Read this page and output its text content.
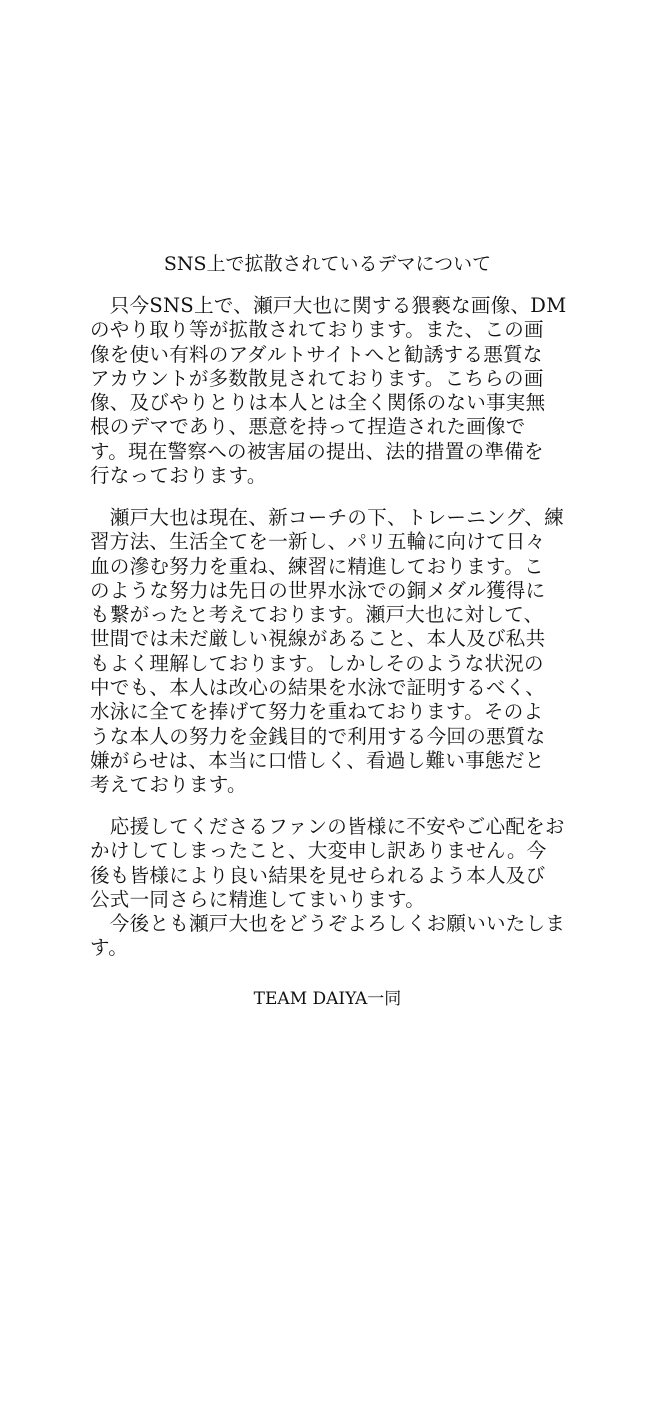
SNS上で拡散されているデマについて
　只今SNS上で、瀬戸大也に関する猥褻な画像、DM
のやり取り等が拡散されております。また、この画
像を使い有料のアダルトサイトへと勧誘する悪質な
アカウントが多数散見されております。こちらの画
像、及びやりとりは本人とは全く関係のない事実無
根のデマであり、悪意を持って捏造された画像で
す。現在警察への被害届の提出、法的措置の準備を
行なっております。
　瀬戸大也は現在、新コーチの下、トレーニング、練
習方法、生活全てを一新し、パリ五輪に向けて日々
血の滲む努力を重ね、練習に精進しております。こ
のような努力は先日の世界水泳での銅メダル獲得に
も繋がったと考えております。瀬戸大也に対して、
世間では未だ厳しい視線があること、本人及び私共
もよく理解しております。しかしそのような状況の
中でも、本人は改心の結果を水泳で証明するべく、
水泳に全てを捧げて努力を重ねております。そのよ
うな本人の努力を金銭目的で利用する今回の悪質な
嫌がらせは、本当に口惜しく、看過し難い事態だと
考えております。
　応援してくださるファンの皆様に不安やご心配をお
かけしてしまったこと、大変申し訳ありません。今
後も皆様により良い結果を見せられるよう本人及び
公式一同さらに精進してまいります。
　今後とも瀬戸大也をどうぞよろしくお願いいたしま
す。
TEAM DAIYA一同
